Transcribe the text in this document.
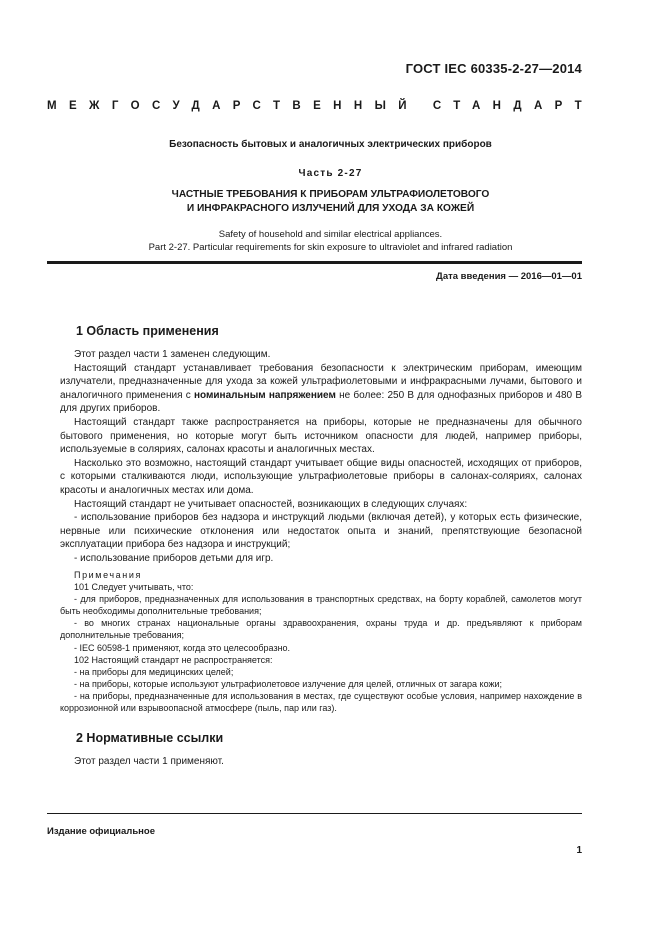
ГОСТ IEC 60335-2-27—2014
МЕЖГОСУДАРСТВЕННЫЙ СТАНДАРТ
Безопасность бытовых и аналогичных электрических приборов
Часть 2-27
ЧАСТНЫЕ ТРЕБОВАНИЯ К ПРИБОРАМ УЛЬТРАФИОЛЕТОВОГО
И ИНФРАКРАСНОГО ИЗЛУЧЕНИЙ ДЛЯ УХОДА ЗА КОЖЕЙ
Safety of household and similar electrical appliances.
Part 2-27. Particular requirements for skin exposure to ultraviolet and infrared radiation
Дата введения — 2016—01—01
1 Область применения

Этот раздел части 1 заменен следующим.

Настоящий стандарт устанавливает требования безопасности к электрическим приборам, имеющим излучатели, предназначенные для ухода за кожей ультрафиолетовыми и инфракрасными лучами, бытового и аналогичного применения с номинальным напряжением не более: 250 В для однофазных приборов и 480 В для других приборов.

Настоящий стандарт также распространяется на приборы, которые не предназначены для обычного бытового применения, но которые могут быть источником опасности для людей, например приборы, используемые в соляриях, салонах красоты и аналогичных местах.

Насколько это возможно, настоящий стандарт учитывает общие виды опасностей, исходящих от приборов, с которыми сталкиваются люди, использующие ультрафиолетовые приборы в салонах-соляриях, салонах красоты и аналогичных местах или дома.

Настоящий стандарт не учитывает опасностей, возникающих в следующих случаях:

- использование приборов без надзора и инструкций людьми (включая детей), у которых есть физические, нервные или психические отклонения или недостаток опыта и знаний, препятствующие безопасной эксплуатации прибора без надзора и инструкций;

- использование приборов детьми для игр.

Примечания

101 Следует учитывать, что:

- для приборов, предназначенных для использования в транспортных средствах, на борту кораблей, самолетов могут быть необходимы дополнительные требования;

- во многих странах национальные органы здравоохранения, охраны труда и др. предъявляют к приборам дополнительные требования;

- IEC 60598-1 применяют, когда это целесообразно.

102 Настоящий стандарт не распространяется:

- на приборы для медицинских целей;

- на приборы, которые используют ультрафиолетовое излучение для целей, отличных от загара кожи;

- на приборы, предназначенные для использования в местах, где существуют особые условия, например нахождение в коррозионной или взрывоопасной атмосфере (пыль, пар или газ).

2 Нормативные ссылки

Этот раздел части 1 применяют.

Издание официальное
1
